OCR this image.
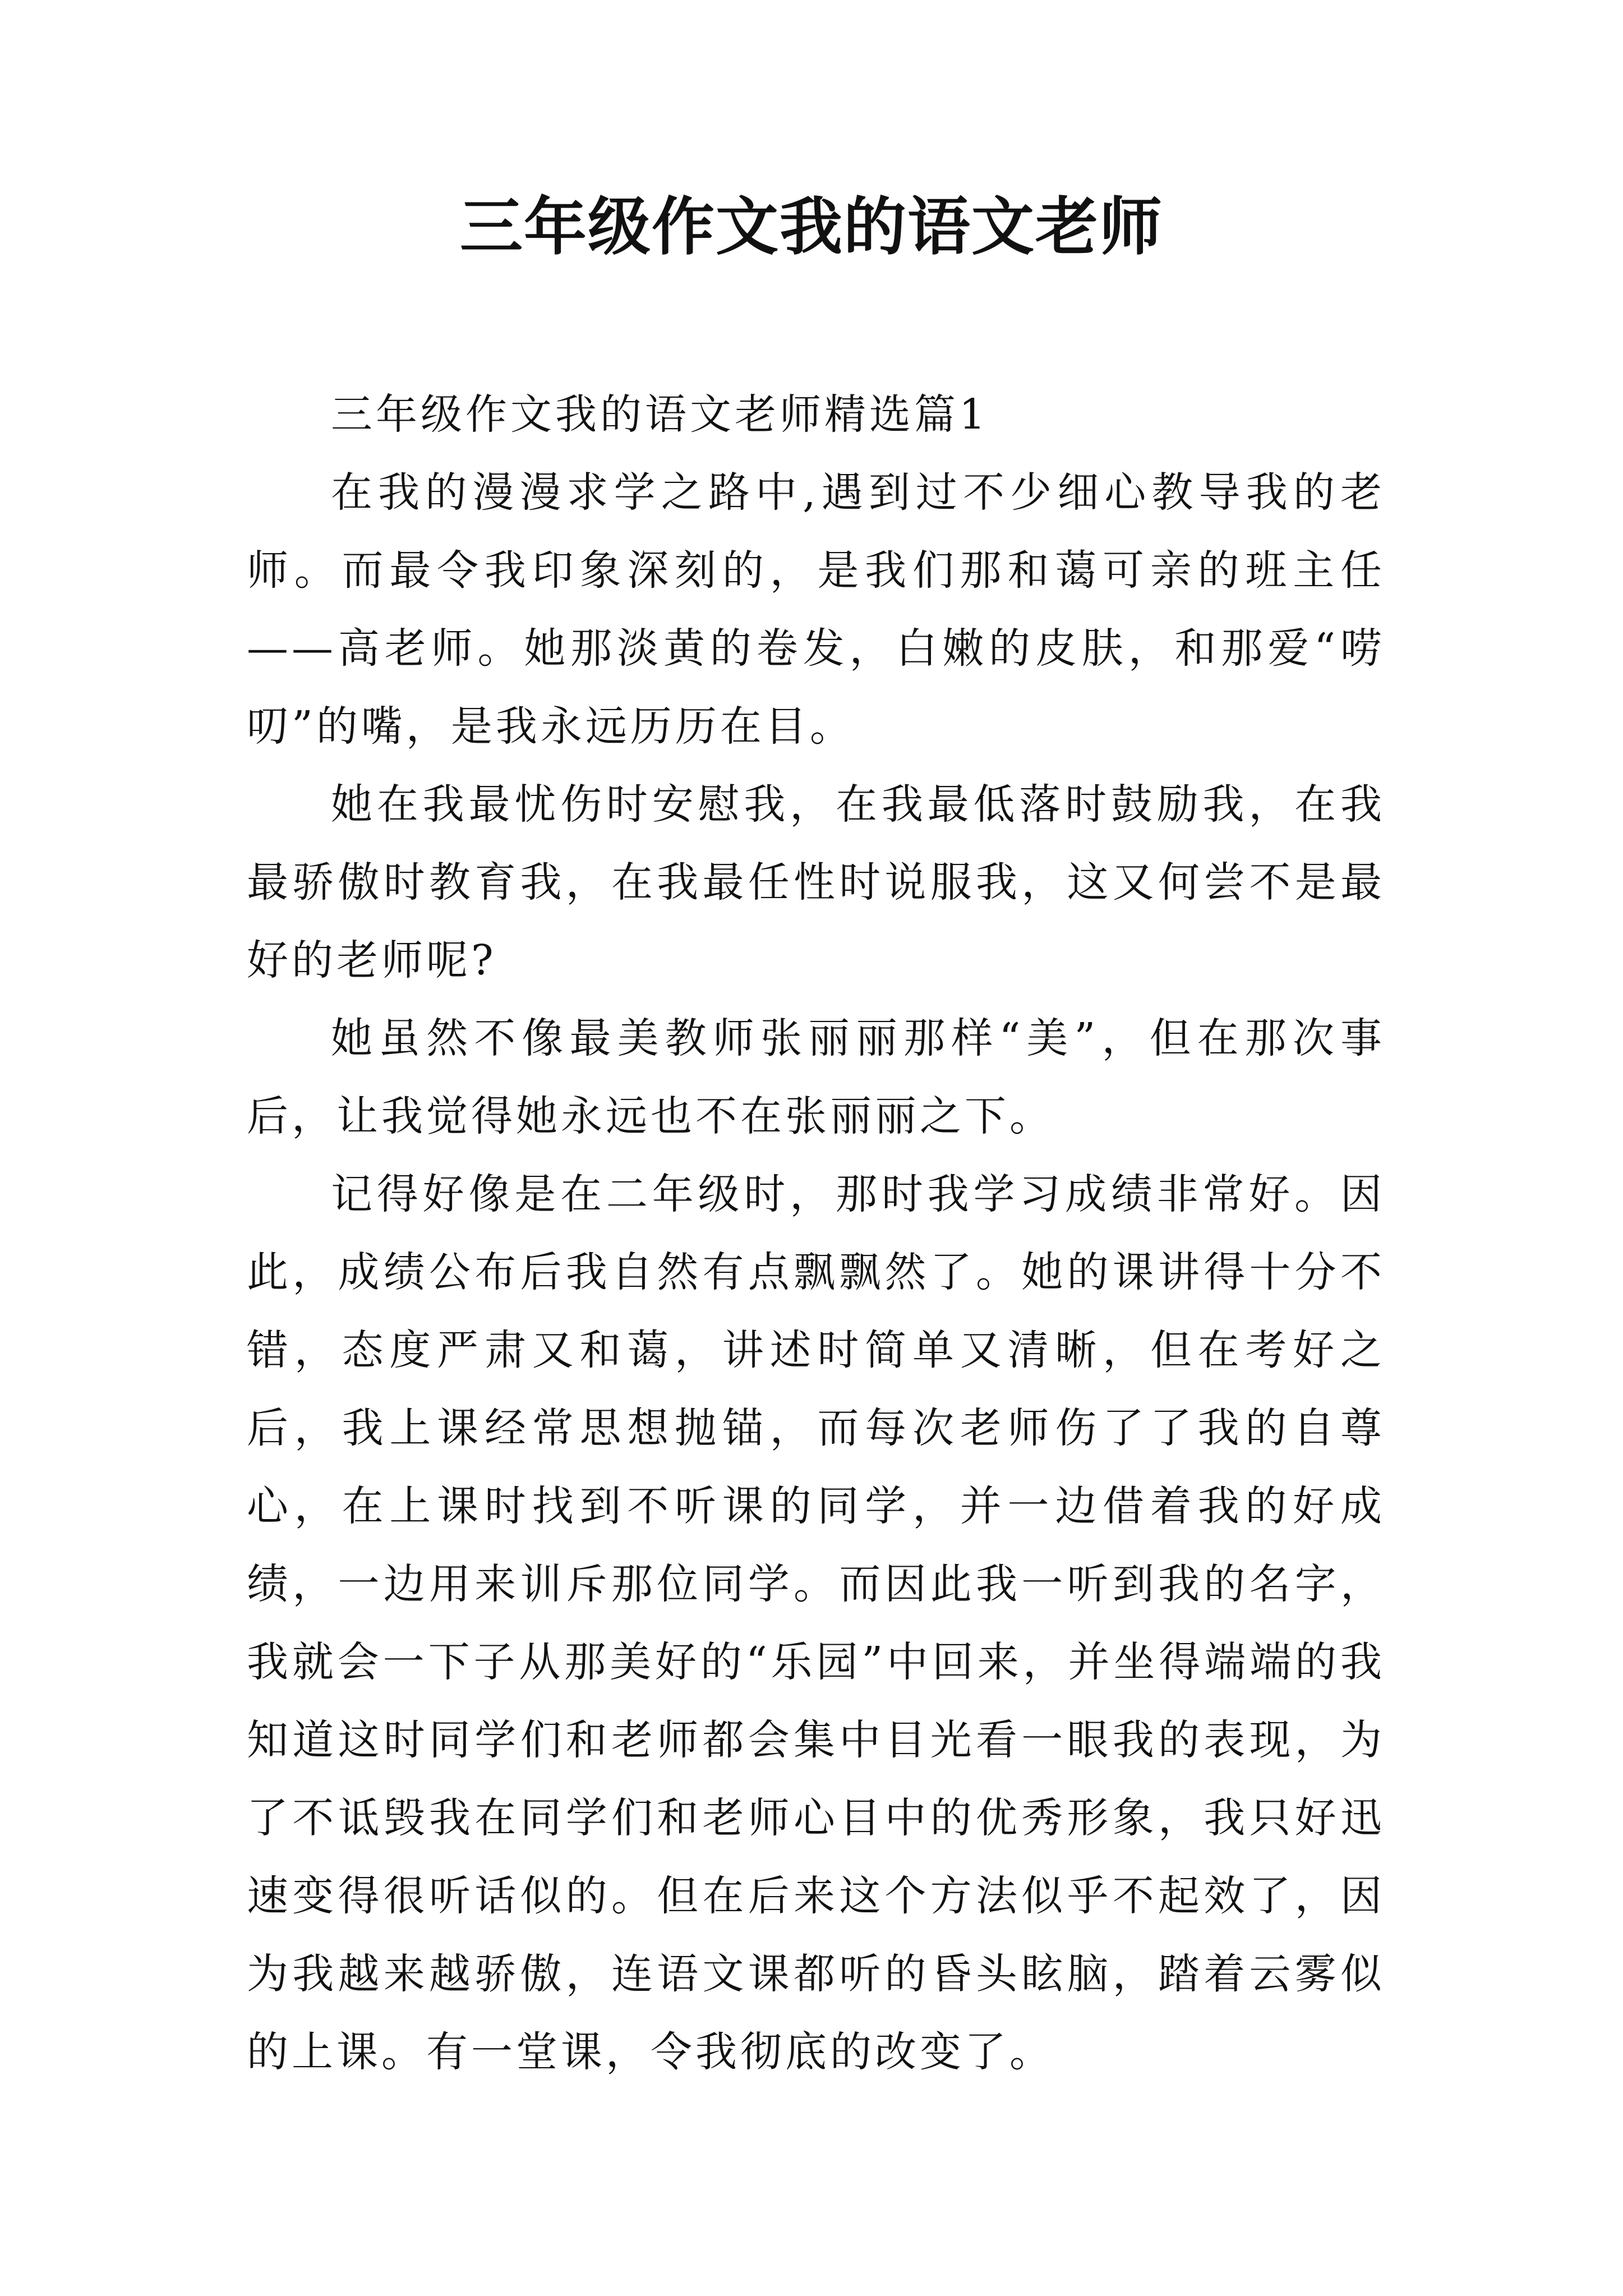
三年级作文我的语文老师

三年级作文我的语文老师精选篇1

在我的漫漫求学之路中,遇到过不少细心教导我的老师。而最令我印象深刻的，是我们那和蔼可亲的班主任——高老师。她那淡黄的卷发，白嫩的皮肤，和那爱“唠叨”的嘴，是我永远历历在目。

她在我最忧伤时安慰我，在我最低落时鼓励我，在我最骄傲时教育我，在我最任性时说服我，这又何尝不是最好的老师呢?

她虽然不像最美教师张丽丽那样“美”，但在那次事后，让我觉得她永远也不在张丽丽之下。

记得好像是在二年级时，那时我学习成绩非常好。因此，成绩公布后我自然有点飘飘然了。她的课讲得十分不错，态度严肃又和蔼，讲述时简单又清晰，但在考好之后，我上课经常思想抛锚，而每次老师伤了了我的自尊心，在上课时找到不听课的同学，并一边借着我的好成绩，一边用来训斥那位同学。而因此我一听到我的名字，我就会一下子从那美好的“乐园”中回来，并坐得端端的我知道这时同学们和老师都会集中目光看一眼我的表现，为了不诋毁我在同学们和老师心目中的优秀形象，我只好迅速变得很听话似的。但在后来这个方法似乎不起效了，因为我越来越骄傲，连语文课都听的昏头眩脑，踏着云雾似的上课。有一堂课，令我彻底的改变了。
